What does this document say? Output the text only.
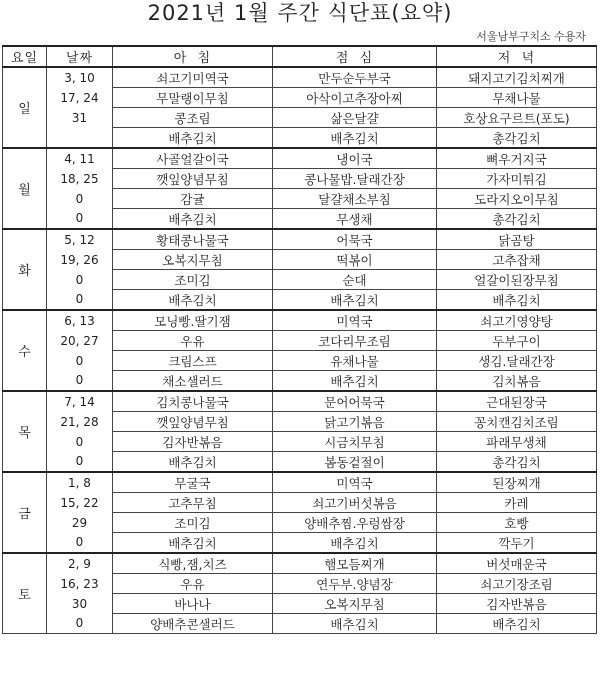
2021년 1월 주간 식단표(요약)
서울남부구치소 수용자
요일	날짜	아  침	점  심	저  녁
일	3, 10	쇠고기미역국	만두순두부국	돼지고기김치찌개
	17, 24	무말랭이무침	아삭이고추장아찌	무채나물
	31	콩조림	삶은달걀	호상요구르트(포도)
		배추김치	배추김치	총각김치
월	4, 11	사골얼갈이국	냉이국	뼈우거지국
	18, 25	깻잎양념무침	콩나물밥.달래간장	가자미튀김
	0	감귤	달걀채소부침	도라지오이무침
	0	배추김치	무생채	총각김치
화	5, 12	황태콩나물국	어묵국	닭곰탕
	19, 26	오복지무침	떡볶이	고추잡채
	0	조미김	순대	얼갈이된장무침
	0	배추김치	배추김치	배추김치
수	6, 13	모닝빵.딸기잼	미역국	쇠고기영양탕
	20, 27	우유	코다리무조림	두부구이
	0	크림스프	유채나물	생김.달래간장
	0	채소샐러드	배추김치	김치볶음
목	7, 14	김치콩나물국	문어어묵국	근대된장국
	21, 28	깻잎양념무침	닭고기볶음	꽁치캔김치조림
	0	김자반볶음	시금치무침	파래무생채
	0	배추김치	봄동겉절이	총각김치
금	1, 8	무굴국	미역국	된장찌개
	15, 22	고추무침	쇠고기버섯볶음	카레
	29	조미김	양배추찜.우렁쌈장	호빵
	0	배추김치	배추김치	깍두기
토	2, 9	식빵,잼,치즈	햄모듬찌개	버섯매운국
	16, 23	우유	연두부.양념장	쇠고기장조림
	30	바나나	오복지무침	김자반볶음
	0	양배추콘샐러드	배추김치	배추김치
